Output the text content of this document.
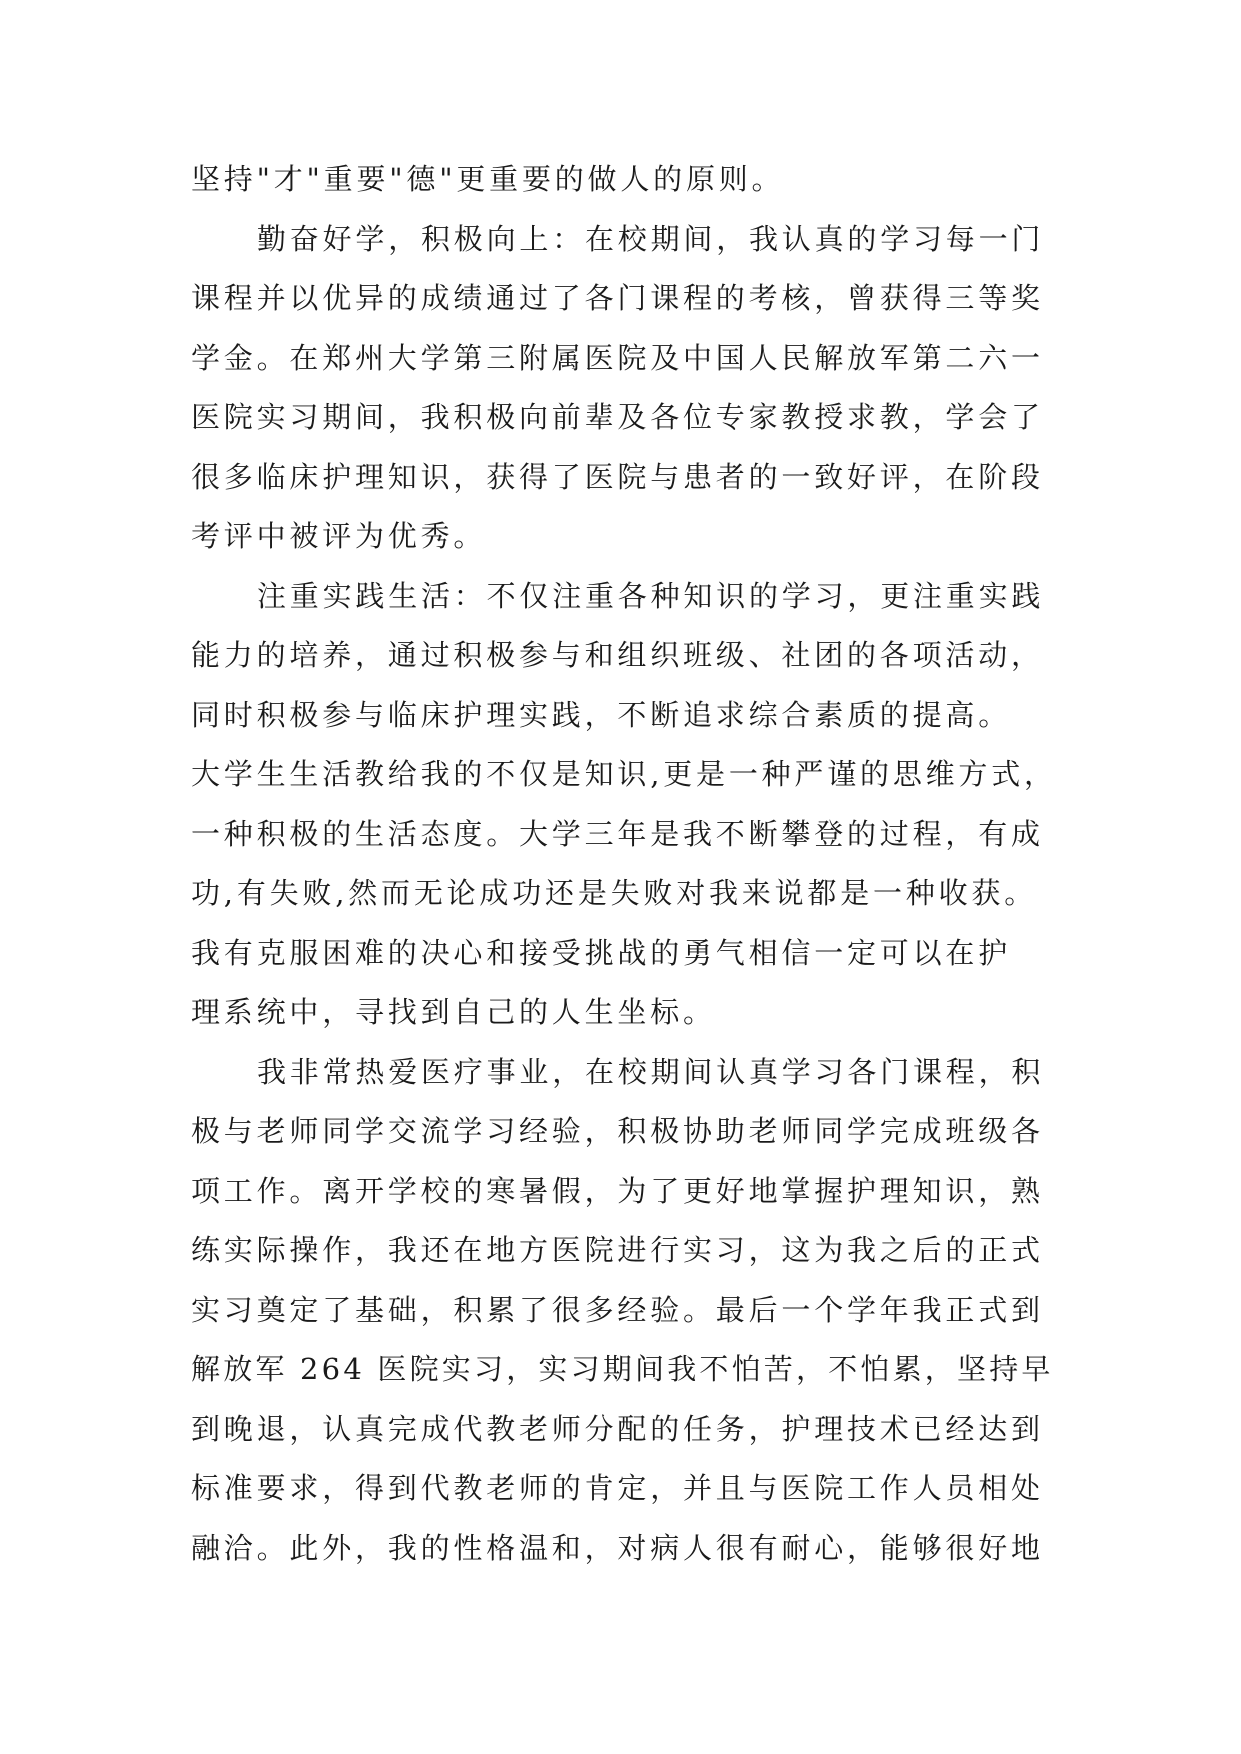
坚持"才"重要"德"更重要的做人的原则。
勤奋好学，积极向上：在校期间，我认真的学习每一门
课程并以优异的成绩通过了各门课程的考核，曾获得三等奖
学金。在郑州大学第三附属医院及中国人民解放军第二六一
医院实习期间，我积极向前辈及各位专家教授求教，学会了
很多临床护理知识，获得了医院与患者的一致好评，在阶段
考评中被评为优秀。
注重实践生活：不仅注重各种知识的学习，更注重实践
能力的培养，通过积极参与和组织班级、社团的各项活动，
同时积极参与临床护理实践，不断追求综合素质的提高。
大学生生活教给我的不仅是知识,更是一种严谨的思维方式，
一种积极的生活态度。大学三年是我不断攀登的过程，有成
功,有失败,然而无论成功还是失败对我来说都是一种收获。
我有克服困难的决心和接受挑战的勇气相信一定可以在护
理系统中，寻找到自己的人生坐标。
我非常热爱医疗事业，在校期间认真学习各门课程，积
极与老师同学交流学习经验，积极协助老师同学完成班级各
项工作。离开学校的寒暑假，为了更好地掌握护理知识，熟
练实际操作，我还在地方医院进行实习，这为我之后的正式
实习奠定了基础，积累了很多经验。最后一个学年我正式到
解放军 264 医院实习，实习期间我不怕苦，不怕累，坚持早
到晚退，认真完成代教老师分配的任务，护理技术已经达到
标准要求，得到代教老师的肯定，并且与医院工作人员相处
融洽。此外，我的性格温和，对病人很有耐心，能够很好地
